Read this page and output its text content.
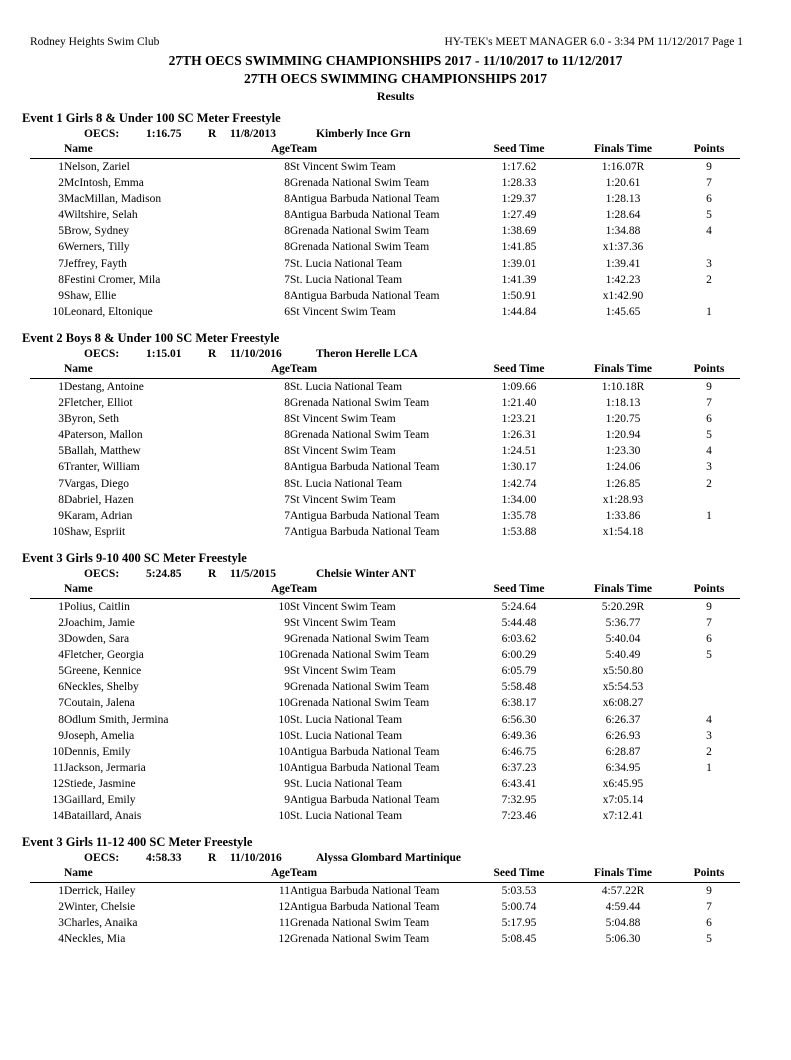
Rodney Heights Swim Club	HY-TEK's MEET MANAGER 6.0 - 3:34 PM 11/12/2017 Page 1
27TH OECS SWIMMING CHAMPIONSHIPS 2017 - 11/10/2017 to 11/12/2017
27TH OECS SWIMMING CHAMPIONSHIPS 2017
Results
Event 1 Girls 8 & Under 100 SC Meter Freestyle
OECS: 1:16.75 R 11/8/2013	Kimberly Ince Grn
	Name	Age	Team	Seed Time	Finals Time	Points
1	Nelson, Zariel	8	St Vincent Swim Team	1:17.62	1:16.07R	9
2	McIntosh, Emma	8	Grenada National Swim Team	1:28.33	1:20.61	7
3	MacMillan, Madison	8	Antigua Barbuda National Team	1:29.37	1:28.13	6
4	Wiltshire, Selah	8	Antigua Barbuda National Team	1:27.49	1:28.64	5
5	Brow, Sydney	8	Grenada National Swim Team	1:38.69	1:34.88	4
6	Werners, Tilly	8	Grenada National Swim Team	1:41.85	x1:37.36	
7	Jeffrey, Fayth	7	St. Lucia National Team	1:39.01	1:39.41	3
8	Festini Cromer, Mila	7	St. Lucia National Team	1:41.39	1:42.23	2
9	Shaw, Ellie	8	Antigua Barbuda National Team	1:50.91	x1:42.90	
10	Leonard, Eltonique	6	St Vincent Swim Team	1:44.84	1:45.65	1
Event 2 Boys 8 & Under 100 SC Meter Freestyle
OECS: 1:15.01 R 11/10/2016	Theron Herelle LCA
	Name	Age	Team	Seed Time	Finals Time	Points
1	Destang, Antoine	8	St. Lucia National Team	1:09.66	1:10.18R	9
2	Fletcher, Elliot	8	Grenada National Swim Team	1:21.40	1:18.13	7
3	Byron, Seth	8	St Vincent Swim Team	1:23.21	1:20.75	6
4	Paterson, Mallon	8	Grenada National Swim Team	1:26.31	1:20.94	5
5	Ballah, Matthew	8	St Vincent Swim Team	1:24.51	1:23.30	4
6	Tranter, William	8	Antigua Barbuda National Team	1:30.17	1:24.06	3
7	Vargas, Diego	8	St. Lucia National Team	1:42.74	1:26.85	2
8	Dabriel, Hazen	7	St Vincent Swim Team	1:34.00	x1:28.93	
9	Karam, Adrian	7	Antigua Barbuda National Team	1:35.78	1:33.86	1
10	Shaw, Espriit	7	Antigua Barbuda National Team	1:53.88	x1:54.18	
Event 3 Girls 9-10 400 SC Meter Freestyle
OECS: 5:24.85 R 11/5/2015	Chelsie Winter ANT
	Name	Age	Team	Seed Time	Finals Time	Points
1	Polius, Caitlin	10	St Vincent Swim Team	5:24.64	5:20.29R	9
2	Joachim, Jamie	9	St Vincent Swim Team	5:44.48	5:36.77	7
3	Dowden, Sara	9	Grenada National Swim Team	6:03.62	5:40.04	6
4	Fletcher, Georgia	10	Grenada National Swim Team	6:00.29	5:40.49	5
5	Greene, Kennice	9	St Vincent Swim Team	6:05.79	x5:50.80	
6	Neckles, Shelby	9	Grenada National Swim Team	5:58.48	x5:54.53	
7	Coutain, Jalena	10	Grenada National Swim Team	6:38.17	x6:08.27	
8	Odlum Smith, Jermina	10	St. Lucia National Team	6:56.30	6:26.37	4
9	Joseph, Amelia	10	St. Lucia National Team	6:49.36	6:26.93	3
10	Dennis, Emily	10	Antigua Barbuda National Team	6:46.75	6:28.87	2
11	Jackson, Jermaria	10	Antigua Barbuda National Team	6:37.23	6:34.95	1
12	Stiede, Jasmine	9	St. Lucia National Team	6:43.41	x6:45.95	
13	Gaillard, Emily	9	Antigua Barbuda National Team	7:32.95	x7:05.14	
14	Bataillard, Anais	10	St. Lucia National Team	7:23.46	x7:12.41	
Event 3 Girls 11-12 400 SC Meter Freestyle
OECS: 4:58.33 R 11/10/2016	Alyssa Glombard Martinique
	Name	Age	Team	Seed Time	Finals Time	Points
1	Derrick, Hailey	11	Antigua Barbuda National Team	5:03.53	4:57.22R	9
2	Winter, Chelsie	12	Antigua Barbuda National Team	5:00.74	4:59.44	7
3	Charles, Anaika	11	Grenada National Swim Team	5:17.95	5:04.88	6
4	Neckles, Mia	12	Grenada National Swim Team	5:08.45	5:06.30	5
